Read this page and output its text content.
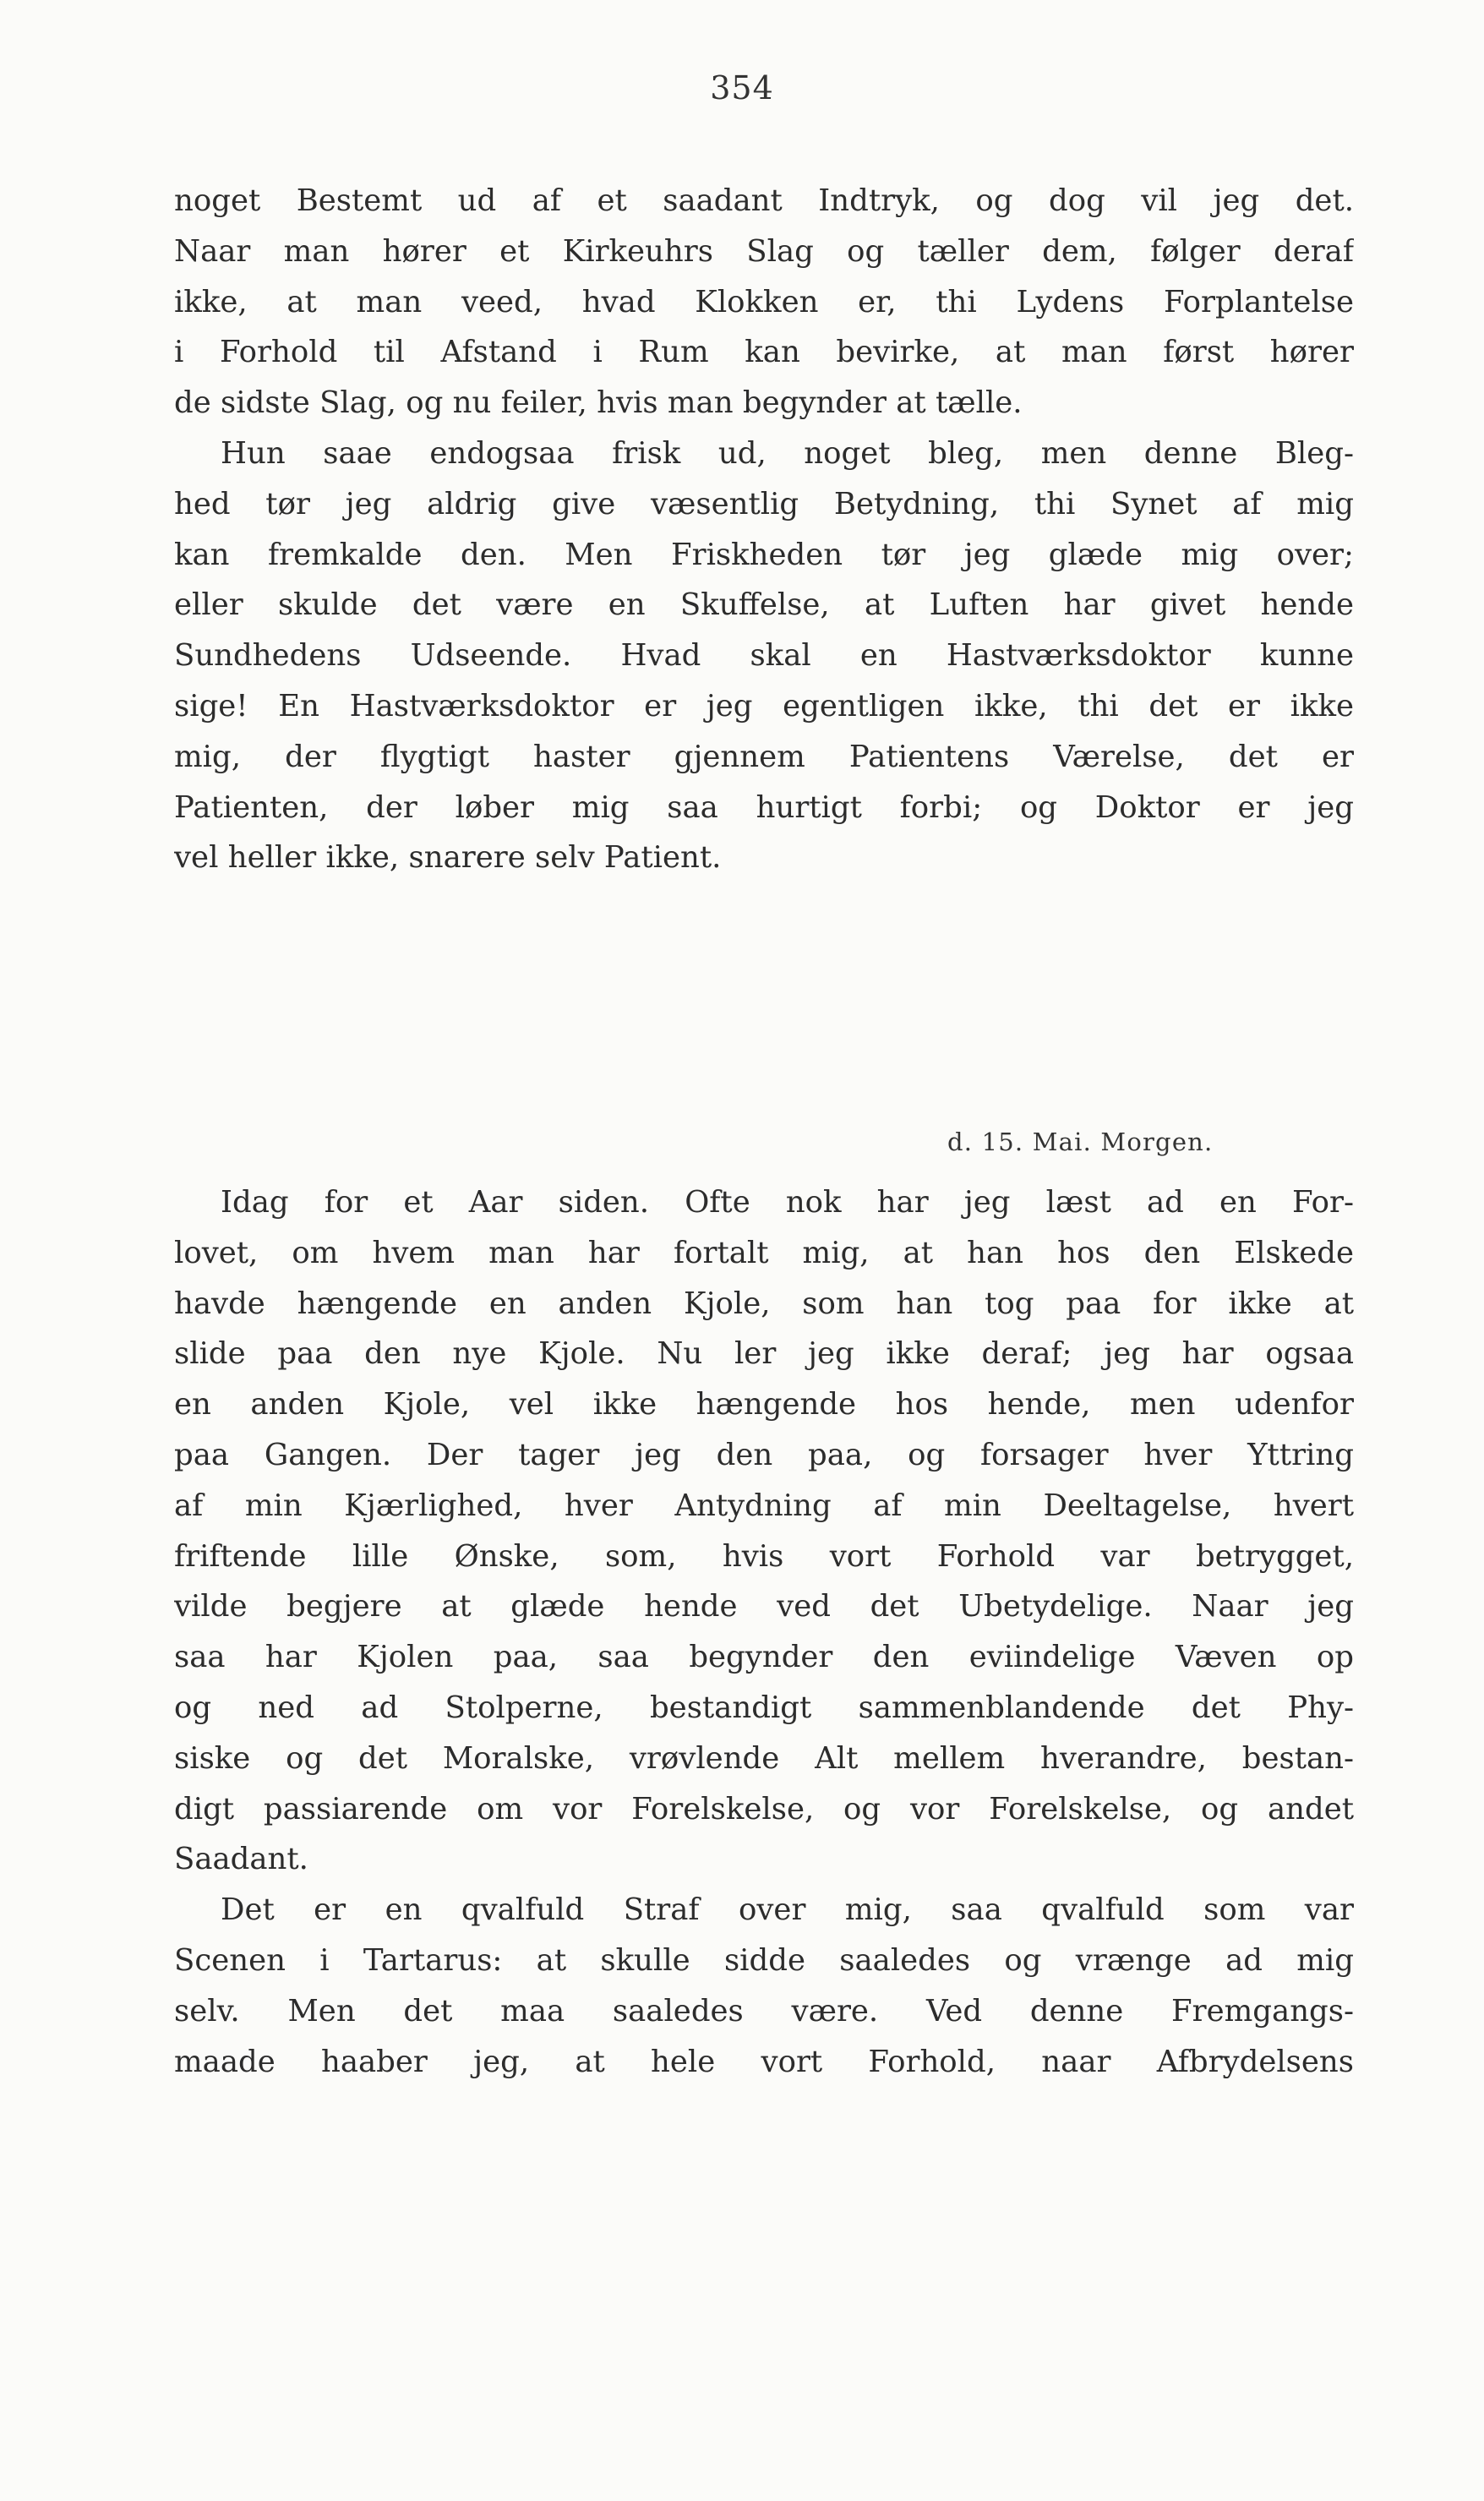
354
noget Bestemt ud af et saadant Indtryk, og dog vil jeg det.
Naar man hører et Kirkeuhrs Slag og tæller dem, følger deraf
ikke, at man veed, hvad Klokken er, thi Lydens Forplantelse
i Forhold til Afstand i Rum kan bevirke, at man først hører
de sidste Slag, og nu feiler, hvis man begynder at tælle.
Hun saae endogsaa frisk ud, noget bleg, men denne Bleg-
hed tør jeg aldrig give væsentlig Betydning, thi Synet af mig
kan fremkalde den. Men Friskheden tør jeg glæde mig over;
eller skulde det være en Skuffelse, at Luften har givet hende
Sundhedens Udseende. Hvad skal en Hastværksdoktor kunne
sige! En Hastværksdoktor er jeg egentligen ikke, thi det er ikke
mig, der flygtigt haster gjennem Patientens Værelse, det er
Patienten, der løber mig saa hurtigt forbi; og Doktor er jeg
vel heller ikke, snarere selv Patient.
d. 15. Mai. Morgen.
Idag for et Aar siden. Ofte nok har jeg læst ad en For-
lovet, om hvem man har fortalt mig, at han hos den Elskede
havde hængende en anden Kjole, som han tog paa for ikke at
slide paa den nye Kjole. Nu ler jeg ikke deraf; jeg har ogsaa
en anden Kjole, vel ikke hængende hos hende, men udenfor
paa Gangen. Der tager jeg den paa, og forsager hver Yttring
af min Kjærlighed, hver Antydning af min Deeltagelse, hvert
friftende lille Ønske, som, hvis vort Forhold var betrygget,
vilde begjere at glæde hende ved det Ubetydelige. Naar jeg
saa har Kjolen paa, saa begynder den eviindelige Væven op
og ned ad Stolperne, bestandigt sammenblandende det Phy-
siske og det Moralske, vrøvlende Alt mellem hverandre, bestan-
digt passiarende om vor Forelskelse, og vor Forelskelse, og andet
Saadant.
Det er en qvalfuld Straf over mig, saa qvalfuld som var
Scenen i Tartarus: at skulle sidde saaledes og vrænge ad mig
selv. Men det maa saaledes være. Ved denne Fremgangs-
maade haaber jeg, at hele vort Forhold, naar Afbrydelsens
